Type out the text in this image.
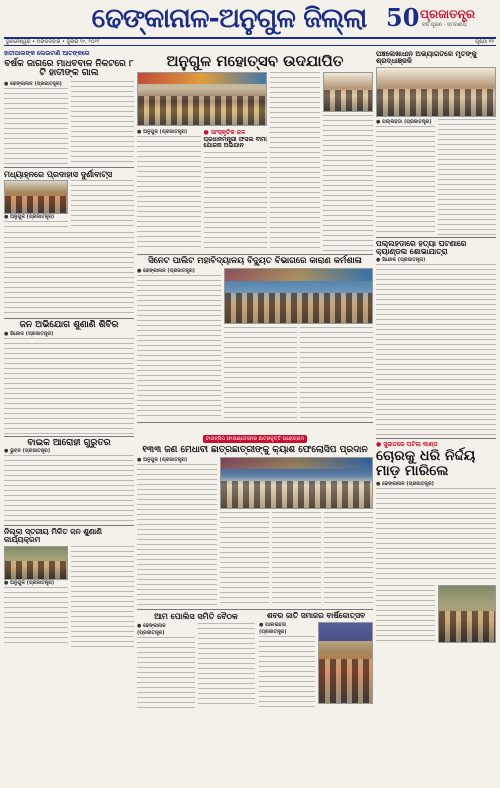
ଢେଙ୍କାନାଳ-ଅନୁଗୁଳ ଜିଲ୍ଲା 50 ପ୍ରଜାତନ୍ତ୍ର
ବର୍ଷ ପୂରଣ - ସ୍ମରଣୀୟ
ଭୁବନେଶ୍ୱର • ମଙ୍ଗଳବାର • ଜୁଲାଇ ୧୯, ୨୦୨୨	ପୃଷ୍ଠା ୧୧
ହାତୀପାଲଙ୍କ ଲେଉଟାଣି ଆତଙ୍କରେ
ବର୍ଷକ ଜାଗରେ ମାଧବବାଳ ନିକଟରେ ୮ ଟି ହାତୀଙ୍କ ଗାଲ
● ଢେଙ୍କାନାଳ (ପ୍ରଜାତନ୍ତ୍ର)
ମଧ୍ୟାହ୍ନରେ ପ୍ରଦାହାସ ଦୁର୍ଣାବାଟ୍ସ
● ଅନୁଗୁଳ (ପ୍ରଜାତନ୍ତ୍ର)
ଜନ ଅଭିଯୋଗ ଶୁଣାଣି ଶିବିର
● ହିନ୍ଦୋଳ (ପ୍ରଜାତନ୍ତ୍ର)
ବାଇକ ଆରୋହୀ ଗୁରୁତର
● ଭୁବନ (ପ୍ରଜାତନ୍ତ୍ର)
ନିଲ୍ଲା ସ୍ତରୀୟ ମିଳିତ ଜନ ଶୁଣାଣି କାର୍ଯ୍ୟକ୍ରମ
● ଅନୁଗୁଳ (ପ୍ରଜାତନ୍ତ୍ର)
ଅନୁଗୁଳ ମହୋତ୍ସବ ଉଦଯାପିତ
● ଅନୁଗୁଳ (ପ୍ରଜାତନ୍ତ୍ର)	● ସାଂସ୍କୃତିକ ଜଳ
ପ୍ରଧାନମନ୍ତ୍ରୀ ଫସଲ ବୀମା ଯୋଜନା ଅଭିଯାନ
ସିନେଟ ପାଲିଟ ମହାବିଦ୍ୟାଳୟ ବିଦ୍ୟୁତ ବିଭାଗରେ କାରାଣ କର୍ମଶାଳା
● ଢେଙ୍କାନାଳ (ପ୍ରଜାତନ୍ତ୍ର)
ଟାଉନ୍ସିପ ଫାଉଣ୍ଡେସନର ଛାତ୍ରବୃତ୍ତି ପ୍ରୋଗ୍ରାମ
୧୩୩ ଜଣ ମେଧାବୀ ଛାତ୍ରଛାତ୍ରୀଙ୍କୁ କ୍ୟାଶ ଫେଲୋସିପ ପ୍ରଦାନ
● ଅନୁଗୁଳ (ପ୍ରଜାତନ୍ତ୍ର)
ଆମ ପୋଲିସ ସମିତି ବୈଠକ
● ଢେଙ୍କାନାଳ (ପ୍ରଜାତନ୍ତ୍ର)
ଶବର ଜାତି ସମାଜର ବାର୍ଷିକୋତ୍ସବ
● ପାଲଲହଡା (ପ୍ରଜାତନ୍ତ୍ର)
ପଞ୍ଚଲେଖାଧୀନ ଅଭ୍ୟାଗତରେ ମୃତଙ୍କୁ ଶ୍ରଦ୍ଧାଞ୍ଜଳି
● ପଲ୍ଲହଡା (ପ୍ରଜାତନ୍ତ୍ର)
ପଲ୍ଲହଡାରେ ହତ୍ୟା ଘଟଣାରେ କ୍ୟାଣ୍ଡଲ ଶୋଭାଯାତ୍ରା
● ହିନ୍ଦୋଳ (ପ୍ରଜାତନ୍ତ୍ର)
● ସୁଜାତରେ ଘଟିଲା କାଣ୍ଡ
ଚୋରକୁ ଧରି ନିର୍ଦ୍ଦୟ ମାଡ଼ ମାରିଲେ
● ଢେଙ୍କାନାଳ (ପ୍ରଜାତନ୍ତ୍ର)
